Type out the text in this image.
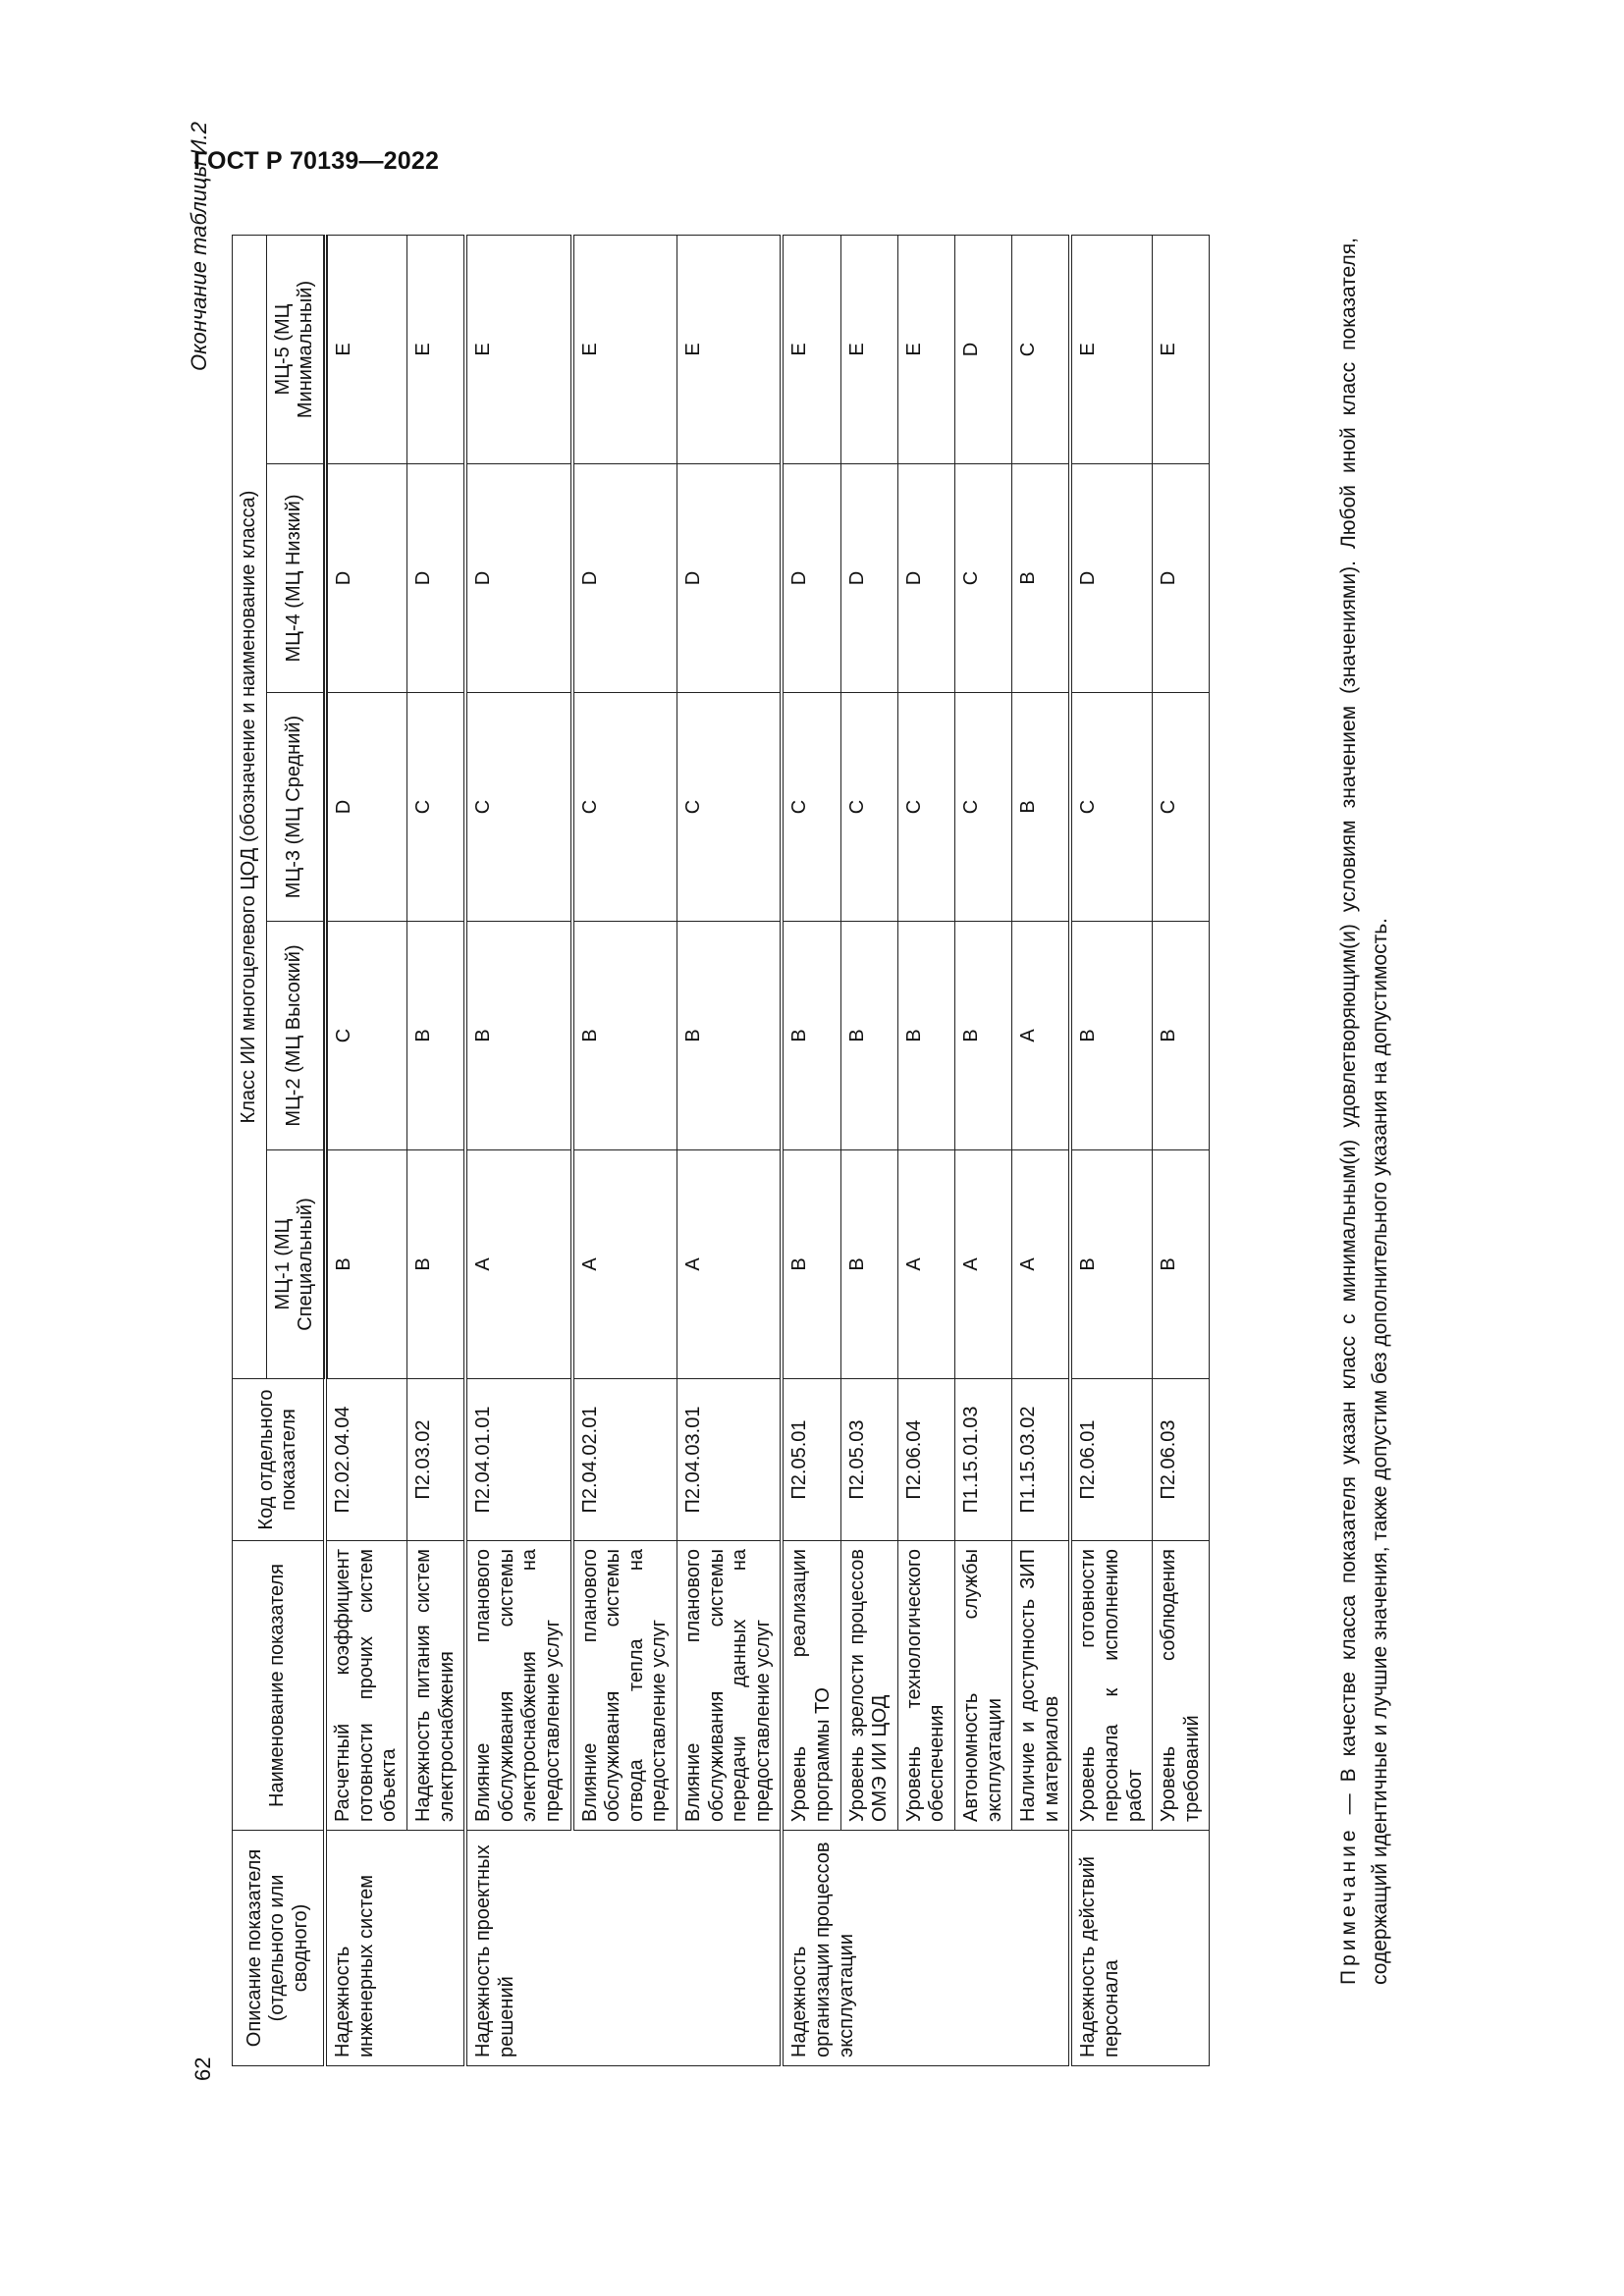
ГОСТ Р 70139—2022
62
Окончание таблицы И.2
Описание показателя (отдельного или сводного)	Наименование показателя	Код отдельного показателя	Класс ИИ многоцелевого ЦОД (обозначение и наименование класса)				
			МЦ-1 (МЦ Специальный)	МЦ-2 (МЦ Высокий)	МЦ-3 (МЦ Средний)	МЦ-4 (МЦ Низкий)	МЦ-5 (МЦ Минимальный)
Надежность инженерных систем	Расчетный коэффициент готовности прочих систем объекта	П2.02.04.04	B	C	D	D	E
	Надежность питания систем электроснабжения	П2.03.02	B	B	C	D	E
Надежность проектных решений	Влияние планового обслуживания системы электроснабжения на предоставление услуг	П2.04.01.01	A	B	C	D	E
	Влияние планового обслуживания системы отвода тепла на предоставление услуг	П2.04.02.01	A	B	C	D	E
	Влияние планового обслуживания системы передачи данных на предоставление услуг	П2.04.03.01	A	B	C	D	E
Надежность организации процессов эксплуатации	Уровень реализации программы ТО	П2.05.01	B	B	C	D	E
	Уровень зрелости процессов ОМЭ ИИ ЦОД	П2.05.03	B	B	C	D	E
	Уровень технологического обеспечения	П2.06.04	A	B	C	D	E
	Автономность службы эксплуатации	П1.15.01.03	A	B	C	C	D
	Наличие и доступность ЗИП и материалов	П1.15.03.02	A	A	B	B	C
Надежность действий персонала	Уровень готовности персонала к исполнению работ	П2.06.01	B	B	C	D	E
	Уровень соблюдения требований	П2.06.03	B	B	C	D	E
Примечание — В качестве класса показателя указан класс с минимальным(и) удовлетворяющим(и) условиям значением (значениями). Любой иной класс показателя, содержащий идентичные и лучшие значения, также допустим без дополнительного указания на допустимость.
